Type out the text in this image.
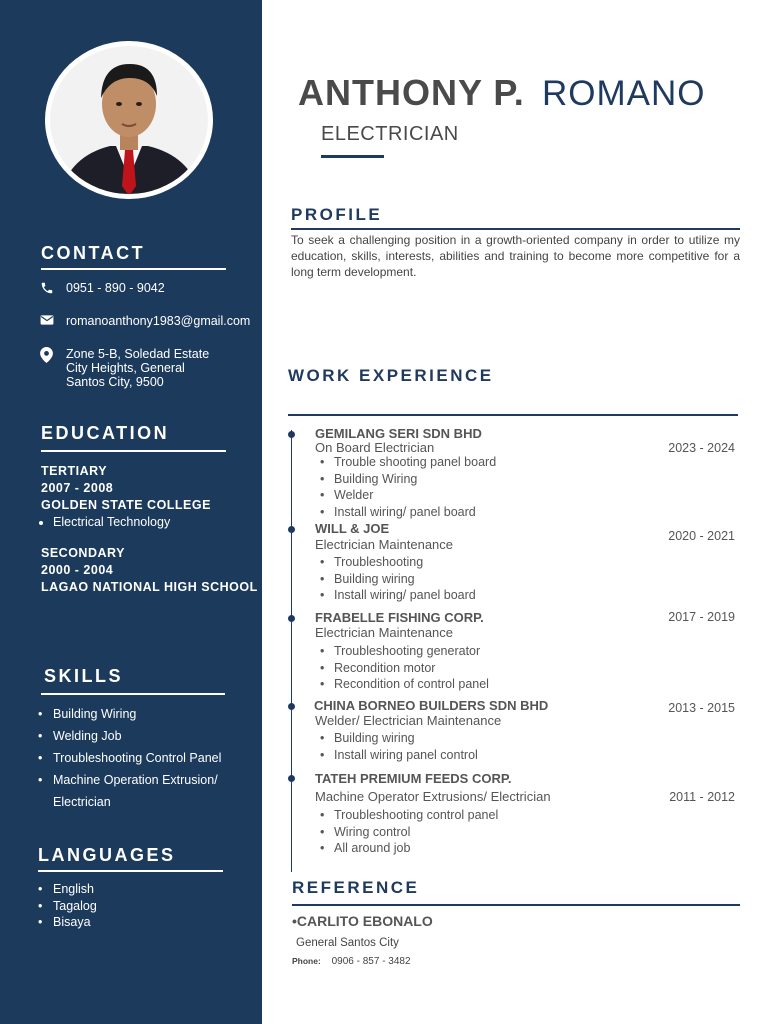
CONTACT
0951 - 890 - 9042
romanoanthony1983@gmail.com
Zone 5-B, Soledad Estate
City Heights, General
Santos City, 9500
EDUCATION
TERTIARY
2007 - 2008
GOLDEN STATE COLLEGE
• Electrical Technology
SECONDARY
2000 - 2004
LAGAO NATIONAL HIGH SCHOOL
SKILLS
• Building Wiring
• Welding Job
• Troubleshooting Control Panel
• Machine Operation Extrusion/ Electrician
LANGUAGES
• English
• Tagalog
• Bisaya
ANTHONY P. ROMANO
ELECTRICIAN
PROFILE
To seek a challenging position in a growth-oriented company in order to utilize my education, skills, interests, abilities and training to become more competitive for a long term development.
WORK EXPERIENCE
GEMILANG SERI SDN BHD
On Board Electrician	2023 - 2024
• Trouble shooting panel board
• Building Wiring
• Welder
• Install wiring/ panel board
WILL & JOE
Electrician Maintenance
2020 - 2021
• Troubleshooting
• Building wiring
• Install wiring/ panel board
FRABELLE FISHING CORP.
Electrician Maintenance
2017 - 2019
• Troubleshooting generator
• Recondition motor
• Recondition of control panel
CHINA BORNEO BUILDERS SDN BHD
Welder/ Electrician Maintenance
2013 - 2015
• Building wiring
• Install wiring panel control
TATEH PREMIUM FEEDS CORP.
Machine Operator Extrusions/ Electrician	2011 - 2012
• Troubleshooting control panel
• Wiring control
• All around job
REFERENCE
•CARLITO EBONALO
General Santos City
Phone: 0906 - 857 - 3482
